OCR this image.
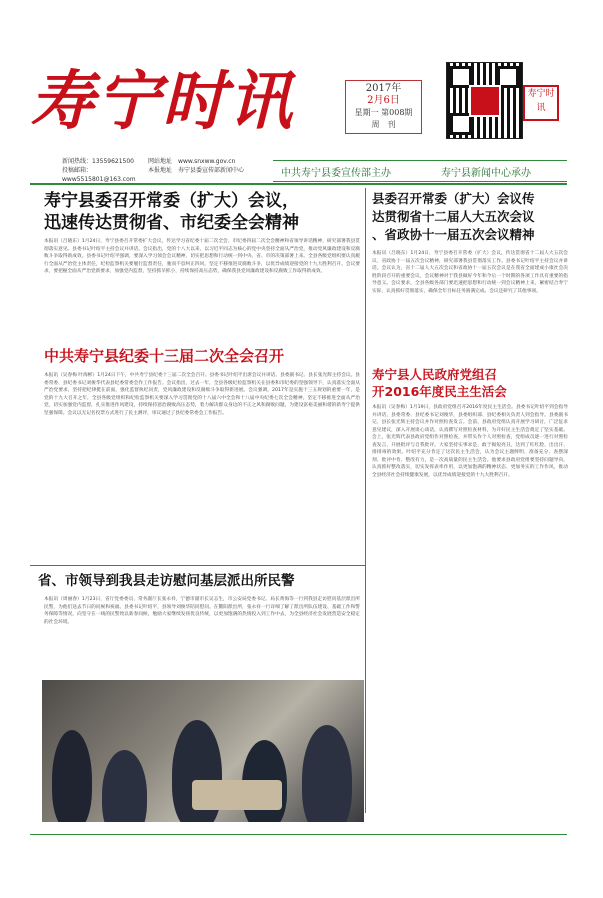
寿宁时讯	2017年
2月6日
星期一 第008期
周　刊
寿宁时讯
新闻热线：13559621500
投稿邮箱：www5515801@163.com
网站地址　 www.snxww.gov.cn
本报地址　 寿宁县委宣传部新闻中心	中共寿宁县委宣传部主办	寿宁县新闻中心承办
寿宁县委召开常委（扩大）会议，
迅速传达贯彻省、市纪委全会精神
本报讯（吕晓东）1月24日，寿宁县委召开常委扩大会议，传达学习省纪委十届二次全会、市纪委四届二次全会精神和省领导讲话精神，研究部署我县贯彻落实意见。县委书记叶绍平主持会议并讲话。会议指出，党的十八大以来，以习近平同志为核心的党中央坚持全面从严治党，推动党风廉政建设和反腐败斗争取得新成效。县委书记叶绍平强调，要深入学习领会会议精神，切实把思想和行动统一到中央、省、市的决策部署上来。全县各级党组织要认真履行全面从严治党主体责任，纪检监察机关要履行监督责任，驰而不息纠正四风，坚定不移推进反腐败斗争，以优异成绩迎接党的十九大胜利召开。会议要求，要把握全面从严治党新要求，加强党内监督，坚持抓早抓小，持续保持高压态势，确保我县党风廉政建设和反腐败工作取得新成效。
中共寿宁县纪委十三届二次全会召开
本报讯（吴春梅 叶海彬）1月24日下午，中共寿宁县纪委十三届二次全会召开。县委书记叶绍平出席会议并讲话。县委副书记、县长张光辉主持会议。县委常委、县纪委书记刘俊华代表县纪委常委会作工作报告。会议指出，过去一年，全县各级纪检监察机关在县委和市纪委的坚强领导下，认真落实全面从严治党要求，坚持把纪律挺在前面，强化监督执纪问责，党风廉政建设和反腐败斗争取得新进展。会议强调，2017年是实施十三五规划的重要一年，是党的十九大召开之年，全县各级党组织和纪检监察机关要深入学习贯彻党的十八届六中全会和十八届中央纪委七次全会精神，坚定不移推进全面从严治党，切实加强党内监督，扎实推进作风建设，持续保持惩治腐败高压态势，着力解决群众身边的不正之风和腐败问题，为建设富裕美丽和谐的新寿宁提供坚强保障。会议以无记名投票方式进行了民主测评，审议通过了县纪委常委会工作报告。
省、市领导到我县走访慰问基层派出所民警
本报讯（周丽春）1月23日，省厅党委委员、常务副厅长张永祥，宁德市副市长吴志生，市公安局党委书记、局长黄海等一行到我县走访慰问基层派出所民警，为他们送去节日的问候和祝福。县委书记叶绍平，县领导刘俊华陪同慰问。在鳌阳派出所，张永祥一行详细了解了派出所队伍建设、基础工作和警务保障等情况，向坚守在一线的民警致以新春问候，勉励大家继续发扬优良传统，以更加饱满的热情投入到工作中去，为全县经济社会发展营造安全稳定的社会环境。
县委召开常委（扩大）会议传
达贯彻省十二届人大五次会议
、省政协十一届五次会议精神
本报讯（吕晓东）1月24日，寿宁县委召开常委（扩大）会议，传达贯彻省十二届人大五次会议、省政协十一届五次会议精神，研究部署我县贯彻落实工作。县委书记叶绍平主持会议并讲话。会议认为，省十二届人大五次会议和省政协十一届五次会议是在我省全面建成小康社会决胜阶段召开的重要会议，会议精神对于我县做好今年和今后一个时期的各项工作具有重要的指导意义。会议要求，全县各级各部门要迅速把思想和行动统一到会议精神上来，紧密结合寿宁实际，认真抓好贯彻落实，确保全年目标任务圆满完成。会议还研究了其他事项。
寿宁县人民政府党组召
开2016年度民主生活会
本报讯（吴春梅）1月19日，县政府党组召开2016年度民主生活会。县委书记叶绍平到会指导并讲话，县委常委、县纪委书记刘俊华，县委组织部、县纪委相关负责人到会指导。县委副书记、县长张光辉主持会议并作对照检查发言。会前，县政府党组认真开展学习研讨，广泛征求意见建议，深入开展谈心谈话，认真撰写对照检查材料，为开好民主生活会奠定了坚实基础。会上，张光辉代表县政府党组作对照检查，并带头作个人对照检查，党组成员逐一进行对照检查发言，开展批评与自我批评。大家坚持实事求是，敢于揭短亮丑，达到了红红脸、出出汗、排排毒的效果。叶绍平充分肯定了这次民主生活会，认为会议主题鲜明、准备充分、查摆深刻、批评中肯、整改有力，是一次高质量的民主生活会。他要求县政府党组要坚持问题导向，认真抓好整改落实，切实发挥表率作用，以更加饱满的精神状态、更加务实的工作作风，推动全县经济社会持续健康发展，以优异成绩迎接党的十九大胜利召开。
